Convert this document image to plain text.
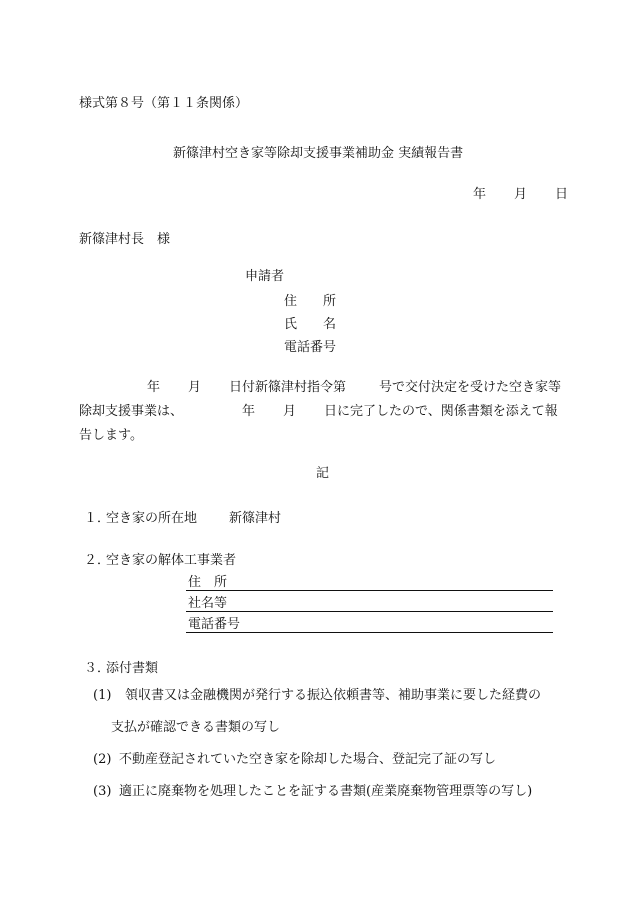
様式第８号（第１１条関係）
新篠津村空き家等除却支援事業補助金 実績報告書
年 月 日
新篠津村長　様
申請者
住　　所
氏　　名
電話番号
年 月 日付新篠津村指令第	号で交付決定を受けた空き家等
除却支援事業は、	年 月 日に完了したので、関係書類を添えて報
告します。
記
１．
空き家の所在地 新篠津村
２．
空き家の解体工事業者
住　所
社名等
電話番号
３．
添付書類
(1) 領収書又は金融機関が発行する振込依頼書等、補助事業に要した経費の
支払が確認できる書類の写し
(2) 不動産登記されていた空き家を除却した場合、登記完了証の写し
(3) 適正に廃棄物を処理したことを証する書類(産業廃棄物管理票等の写し)
